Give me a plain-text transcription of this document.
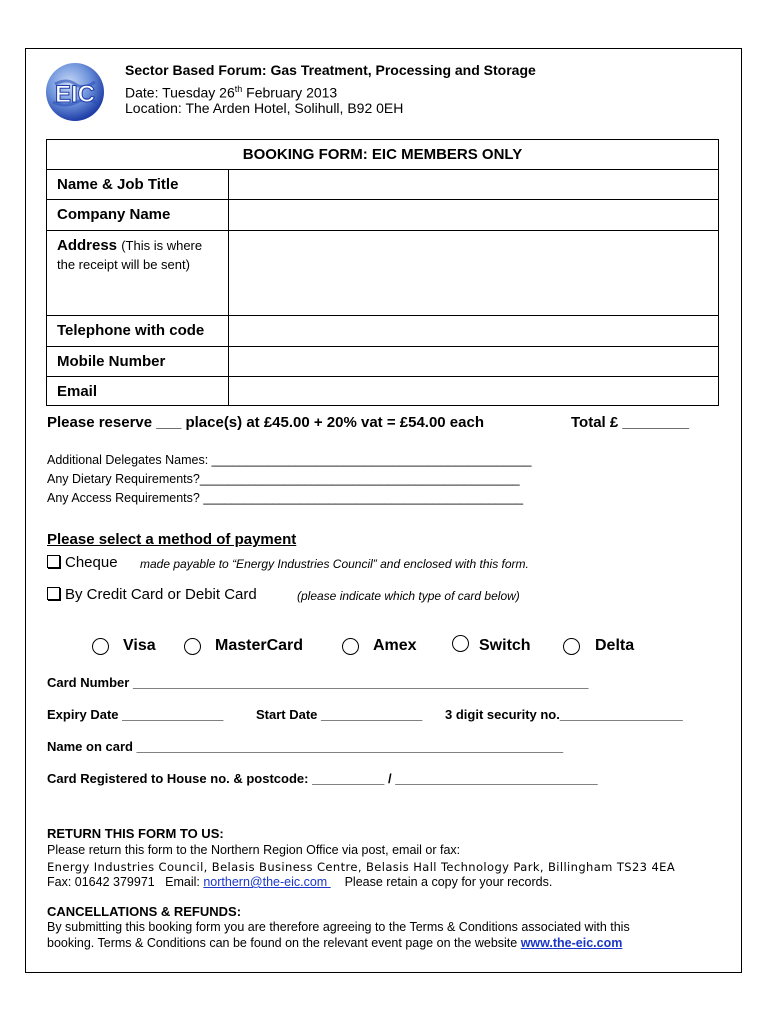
EIC
Sector Based Forum: Gas Treatment, Processing and Storage
Date: Tuesday 26th February 2013
Location: The Arden Hotel, Solihull, B92 0EH
BOOKING FORM: EIC MEMBERS ONLY
Name & Job Title
Company Name
Address (This is where
the receipt will be sent)
Telephone with code
Mobile Number
Email
Please reserve ___ place(s) at £45.00 + 20% vat = £54.00 each	Total £ ________
Additional Delegates Names: ______________________________________________
Any Dietary Requirements?______________________________________________
Any Access Requirements? ______________________________________________
Please select a method of payment
Cheque made payable to “Energy Industries Council” and enclosed with this form.
By Credit Card or Debit Card	(please indicate which type of card below)
Visa	MasterCard	Amex	Switch	Delta
Card Number _______________________________________________________________
Expiry Date ______________	Start Date ______________ 3 digit security no._________________
Name on card ___________________________________________________________
Card Registered to House no. & postcode: __________ / ____________________________
RETURN THIS FORM TO US:
Please return this form to the Northern Region Office via post, email or fax:
Energy Industries Council, Belasis Business Centre, Belasis Hall Technology Park, Billingham TS23 4EA
Fax: 01642 379971 Email: northern@the-eic.com     Please retain a copy for your records.
CANCELLATIONS & REFUNDS:
By submitting this booking form you are therefore agreeing to the Terms & Conditions associated with this
booking. Terms & Conditions can be found on the relevant event page on the website www.the-eic.com
